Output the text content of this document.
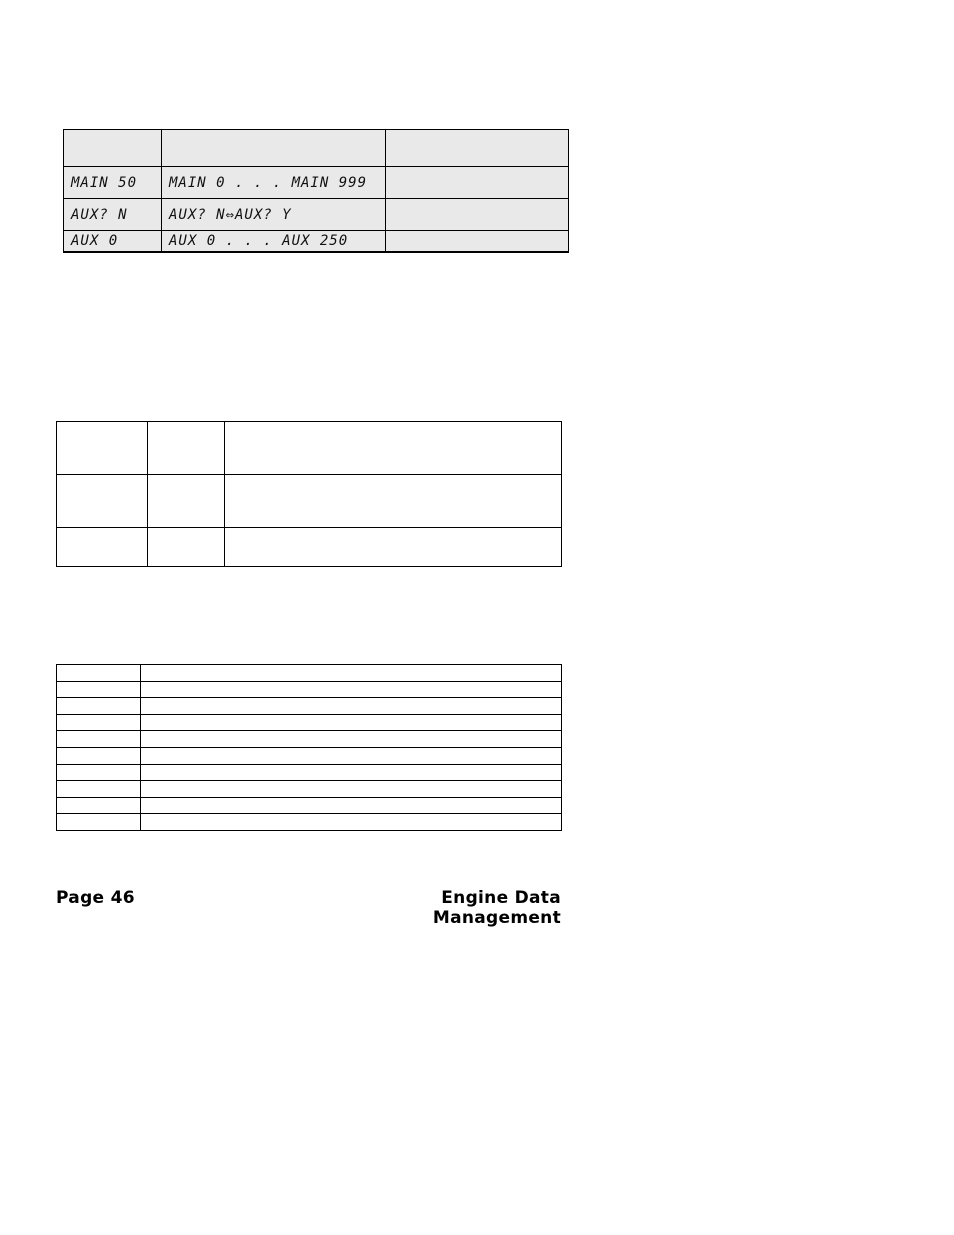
MAIN 50	MAIN 0 . . . MAIN 999	
AUX? N	AUX? N⇔AUX? Y	
AUX 0	AUX 0 . . . AUX 250	

Page 46	Engine Data Management
